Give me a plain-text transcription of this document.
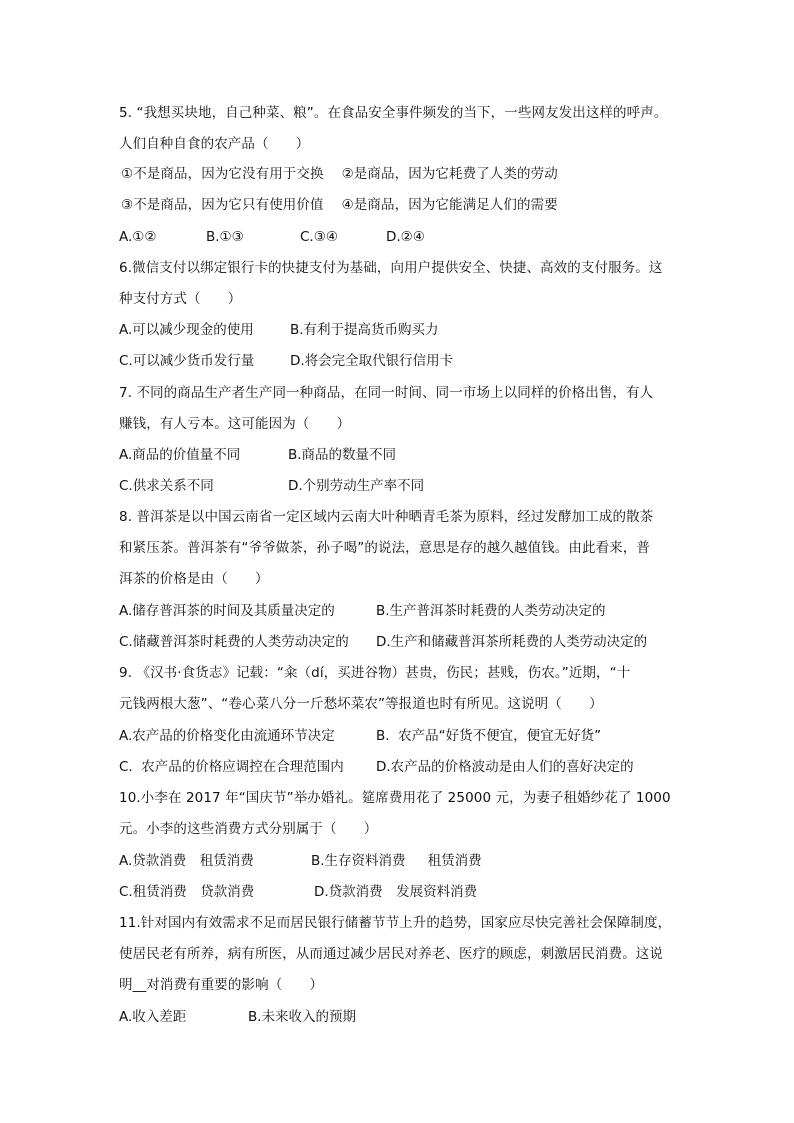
5. “我想买块地，自己种菜、粮”。在食品安全事件频发的当下，一些网友发出这样的呼声。
人们自种自食的农产品（　　）
①不是商品，因为它没有用于交换　 ②是商品，因为它耗费了人类的劳动
③不是商品，因为它只有使用价值　 ④是商品，因为它能满足人们的需要
A.①②	B.①③	C.③④	D.②④
6.微信支付以绑定银行卡的快捷支付为基础，向用户提供安全、快捷、高效的支付服务。这
种支付方式（　　）
A.可以减少现金的使用	B.有利于提高货币购买力
C.可以减少货币发行量	D.将会完全取代银行信用卡
7. 不同的商品生产者生产同一种商品，在同一时间、同一市场上以同样的价格出售，有人
赚钱，有人亏本。这可能因为（　　）
A.商品的价值量不同	B.商品的数量不同
C.供求关系不同	D.个别劳动生产率不同
8. 普洱茶是以中国云南省一定区域内云南大叶种晒青毛茶为原料，经过发酵加工成的散茶
和紧压茶。普洱茶有“爷爷做茶，孙子喝”的说法，意思是存的越久越值钱。由此看来，普
洱茶的价格是由（　　）
A.储存普洱茶的时间及其质量决定的	B.生产普洱茶时耗费的人类劳动决定的
C.储藏普洱茶时耗费的人类劳动决定的 D.生产和储藏普洱茶所耗费的人类劳动决定的
9. 《汉书·食货志》记载：“籴（dí，买进谷物）甚贵，伤民；甚贱，伤农。”近期，“十
元钱两根大葱”、“卷心菜八分一斤愁坏菜农”等报道也时有所见。这说明（　　）
A.农产品的价格变化由流通环节决定	B.  农产品“好货不便宜，便宜无好货”
C.  农产品的价格应调控在合理范围内 D.农产品的价格波动是由人们的喜好决定的
10.小李在 2017 年“国庆节”举办婚礼。筵席费用花了 25000 元，为妻子租婚纱花了 1000
元。小李的这些消费方式分别属于（　　）
A.贷款消费　租赁消费	B.生存资料消费　  租赁消费
C.租赁消费　贷款消费	D.贷款消费　发展资料消费
11.针对国内有效需求不足而居民银行储蓄节节上升的趋势，国家应尽快完善社会保障制度，
使居民老有所养，病有所医，从而通过减少居民对养老、医疗的顾虑，刺激居民消费。这说
明__对消费有重要的影响（　　）
A.收入差距	B.未来收入的预期
